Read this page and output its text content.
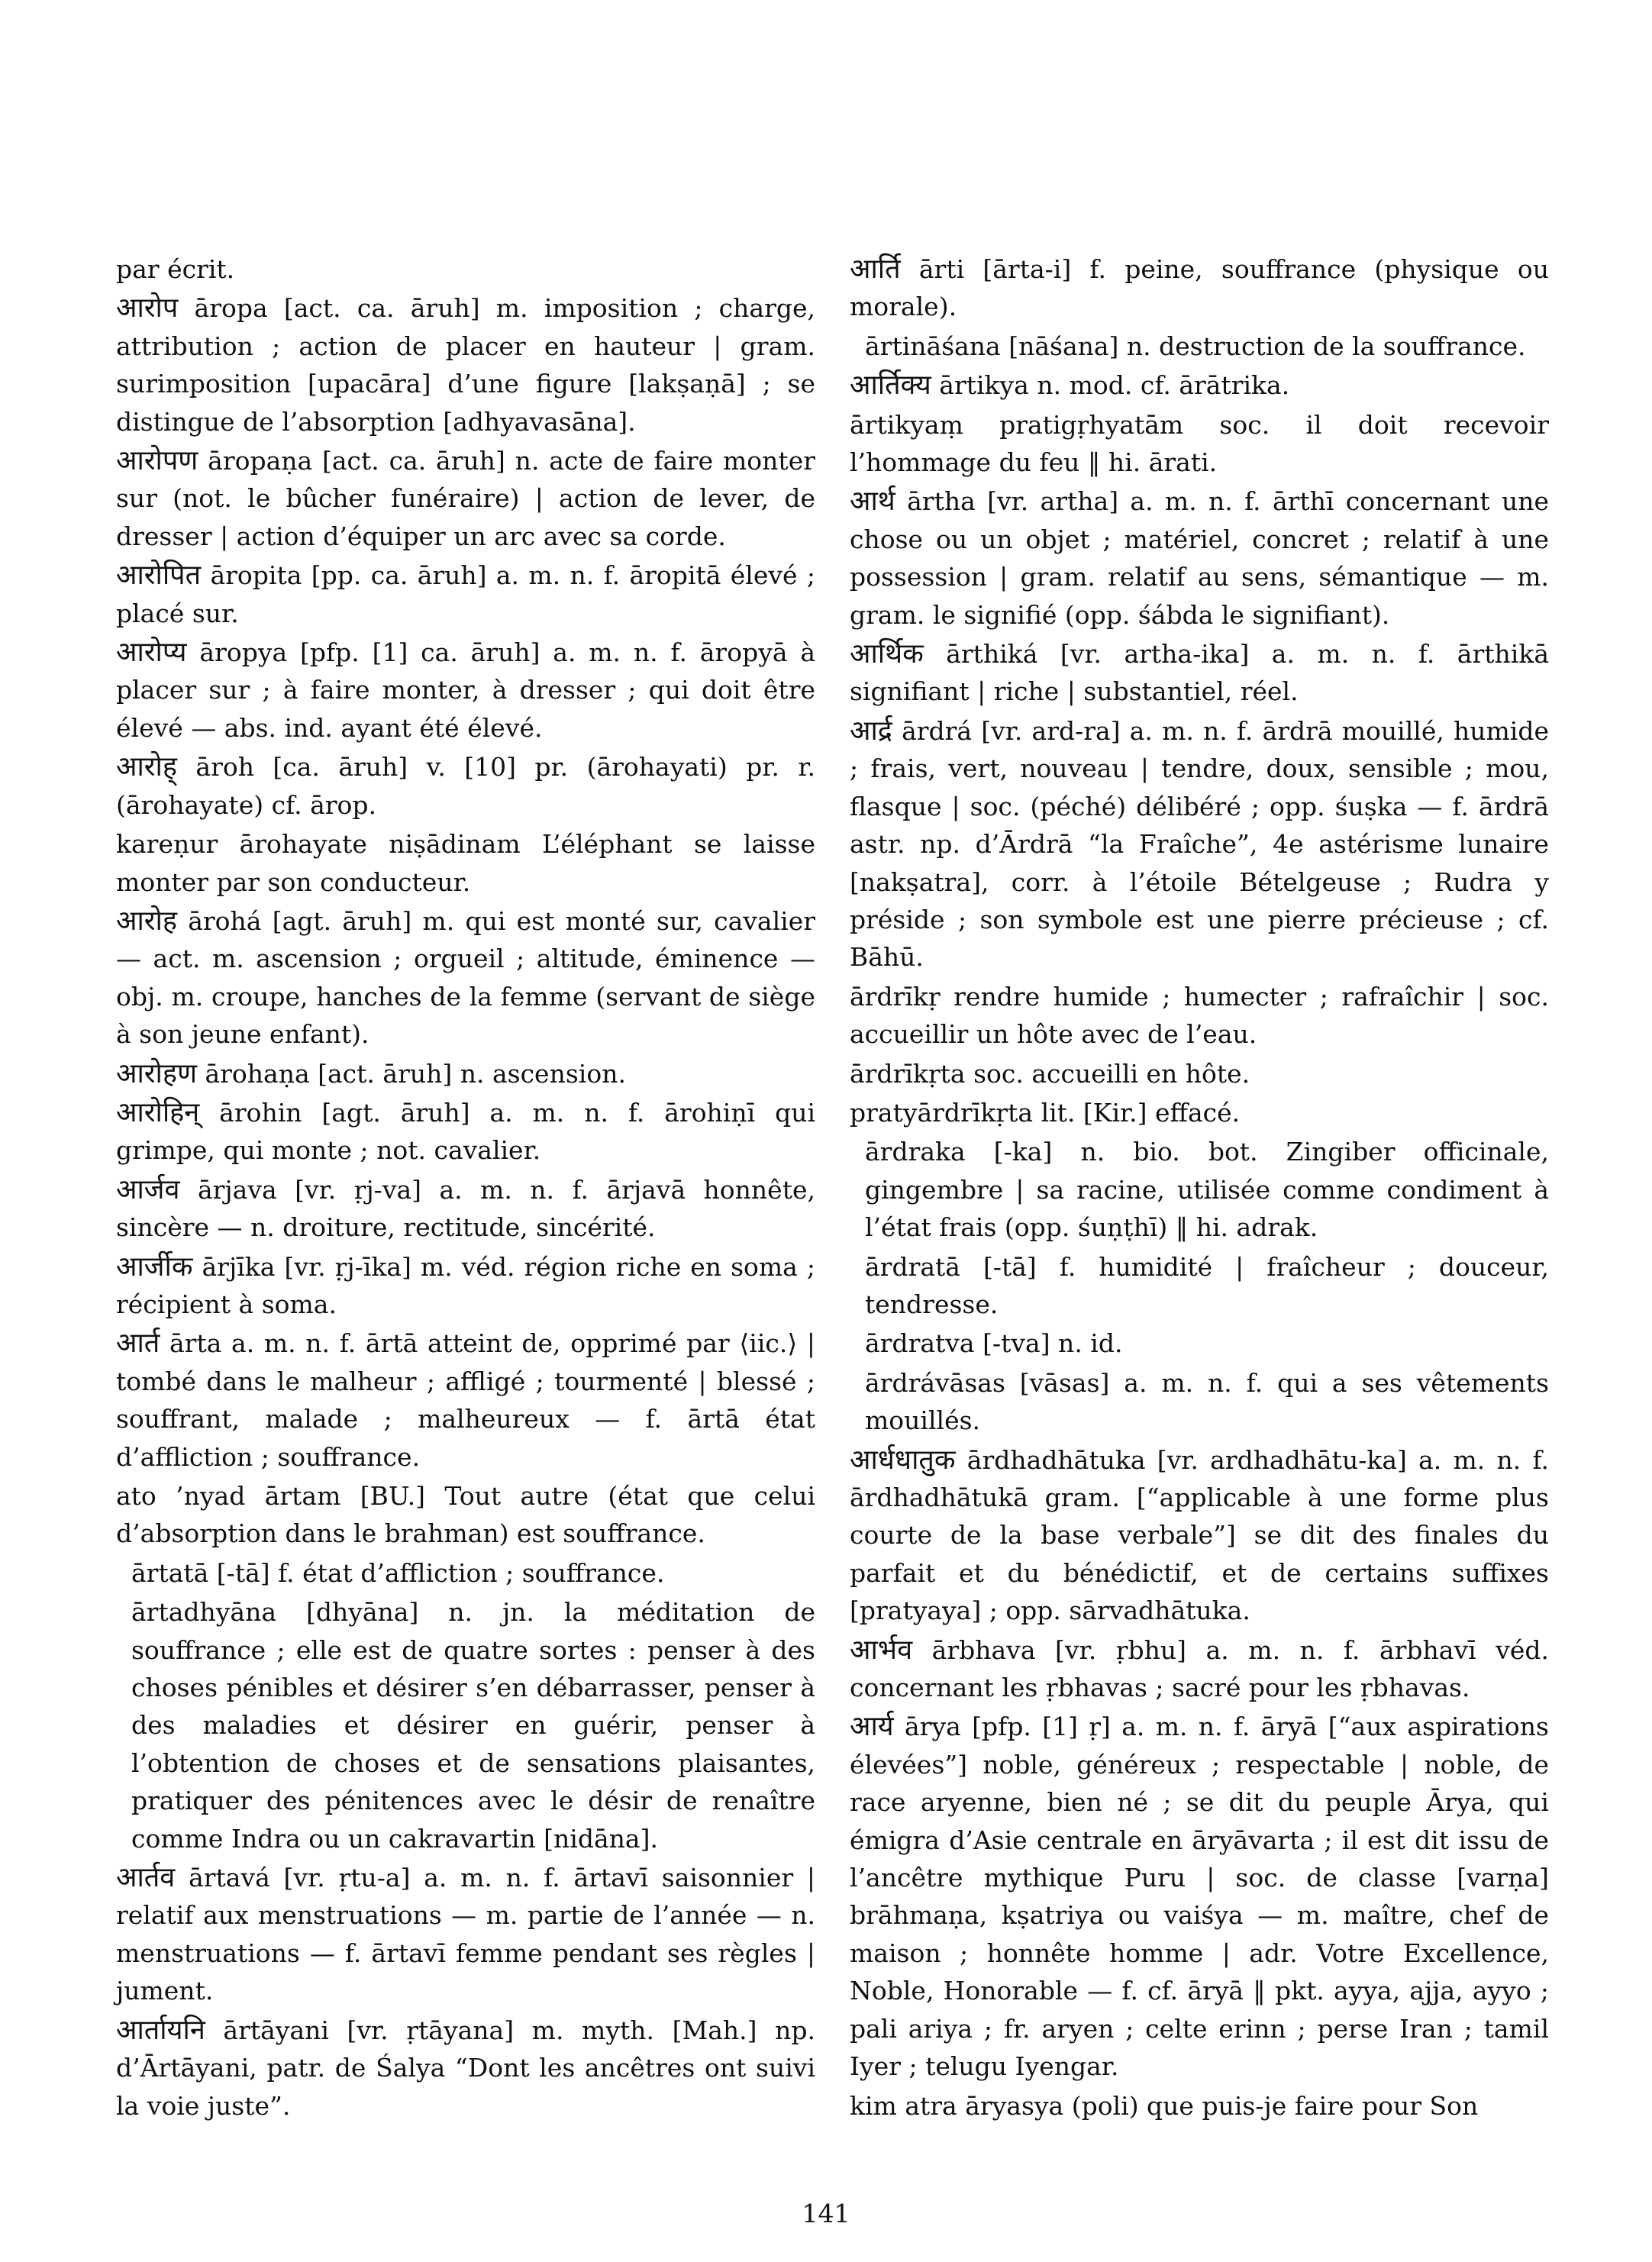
par écrit.
आरोप āropa [act. ca. āruh] m. imposition ; charge, attribution ; action de placer en hauteur | gram. surimposition [upacāra] d’une figure [lakṣaṇā] ; se distingue de l’absorption [adhyavasāna].
आरोपण āropaṇa [act. ca. āruh] n. acte de faire monter sur (not. le bûcher funéraire) | action de lever, de dresser | action d’équiper un arc avec sa corde.
आरोपित āropita [pp. ca. āruh] a. m. n. f. āropitā élevé ; placé sur.
आरोप्य āropya [pfp. [1] ca. āruh] a. m. n. f. āropyā à placer sur ; à faire monter, à dresser ; qui doit être élevé — abs. ind. ayant été élevé.
आरोह् āroh [ca. āruh] v. [10] pr. (ārohayati) pr. r. (ārohayate) cf. ārop.
kareṇur ārohayate niṣādinam L’éléphant se laisse monter par son conducteur.
आरोह ārohá [agt. āruh] m. qui est monté sur, cavalier — act. m. ascension ; orgueil ; altitude, éminence — obj. m. croupe, hanches de la femme (servant de siège à son jeune enfant).
आरोहण ārohaṇa [act. āruh] n. ascension.
आरोहिन् ārohin [agt. āruh] a. m. n. f. ārohiṇī qui grimpe, qui monte ; not. cavalier.
आर्जव ārjava [vr. ṛj-va] a. m. n. f. ārjavā honnête, sincère — n. droiture, rectitude, sincérité.
आर्जीक ārjīka [vr. ṛj-īka] m. véd. région riche en soma ; récipient à soma.
आर्त ārta a. m. n. f. ārtā atteint de, opprimé par ⟨iic.⟩ | tombé dans le malheur ; affligé ; tourmenté | blessé ; souffrant, malade ; malheureux — f. ārtā état d’affliction ; souffrance.
ato ’nyad ārtam [BU.] Tout autre (état que celui d’absorption dans le brahman) est souffrance.
ārtatā [-tā] f. état d’affliction ; souffrance.
ārtadhyāna [dhyāna] n. jn. la méditation de souffrance ; elle est de quatre sortes : penser à des choses pénibles et désirer s’en débarrasser, penser à des maladies et désirer en guérir, penser à l’obtention de choses et de sensations plaisantes, pratiquer des pénitences avec le désir de renaître comme Indra ou un cakravartin [nidāna].
आर्तव ārtavá [vr. ṛtu-a] a. m. n. f. ārtavī saisonnier | relatif aux menstruations — m. partie de l’année — n. menstruations — f. ārtavī femme pendant ses règles | jument.
आर्तायनि ārtāyani [vr. ṛtāyana] m. myth. [Mah.] np. d’Ārtāyani, patr. de Śalya “Dont les ancêtres ont suivi la voie juste”.
आर्ति ārti [ārta-i] f. peine, souffrance (physique ou morale).
ārtināśana [nāśana] n. destruction de la souffrance.
आर्तिक्य ārtikya n. mod. cf. ārātrika.
ārtikyaṃ pratigṛhyatām soc. il doit recevoir l’hommage du feu ‖ hi. ārati.
आर्थ ārtha [vr. artha] a. m. n. f. ārthī concernant une chose ou un objet ; matériel, concret ; relatif à une possession | gram. relatif au sens, sémantique — m. gram. le signifié (opp. śábda le signifiant).
आर्थिक ārthiká [vr. artha-ika] a. m. n. f. ārthikā signifiant | riche | substantiel, réel.
आर्द्र ārdrá [vr. ard-ra] a. m. n. f. ārdrā mouillé, humide ; frais, vert, nouveau | tendre, doux, sensible ; mou, flasque | soc. (péché) délibéré ; opp. śuṣka — f. ārdrā astr. np. d’Ārdrā “la Fraîche”, 4e astérisme lunaire [nakṣatra], corr. à l’étoile Bételgeuse ; Rudra y préside ; son symbole est une pierre précieuse ; cf. Bāhū.
ārdrīkṛ rendre humide ; humecter ; rafraîchir | soc. accueillir un hôte avec de l’eau.
ārdrīkṛta soc. accueilli en hôte.
pratyārdrīkṛta lit. [Kir.] effacé.
ārdraka [-ka] n. bio. bot. Zingiber officinale, gingembre | sa racine, utilisée comme condiment à l’état frais (opp. śuṇṭhī) ‖ hi. adrak.
ārdratā [-tā] f. humidité | fraîcheur ; douceur, tendresse.
ārdratva [-tva] n. id.
ārdrávāsas [vāsas] a. m. n. f. qui a ses vêtements mouillés.
आर्धधातुक ārdhadhātuka [vr. ardhadhātu-ka] a. m. n. f. ārdhadhātukā gram. [“applicable à une forme plus courte de la base verbale”] se dit des finales du parfait et du bénédictif, et de certains suffixes [pratyaya] ; opp. sārvadhātuka.
आर्भव ārbhava [vr. ṛbhu] a. m. n. f. ārbhavī véd. concernant les ṛbhavas ; sacré pour les ṛbhavas.
आर्य ārya [pfp. [1] ṛ] a. m. n. f. āryā [“aux aspirations élevées”] noble, généreux ; respectable | noble, de race aryenne, bien né ; se dit du peuple Ārya, qui émigra d’Asie centrale en āryāvarta ; il est dit issu de l’ancêtre mythique Puru | soc. de classe [varṇa] brāhmaṇa, kṣatriya ou vaiśya — m. maître, chef de maison ; honnête homme | adr. Votre Excellence, Noble, Honorable — f. cf. āryā ‖ pkt. ayya, ajja, ayyo ; pali ariya ; fr. aryen ; celte erinn ; perse Iran ; tamil Iyer ; telugu Iyengar.
kim atra āryasya (poli) que puis-je faire pour Son
141
